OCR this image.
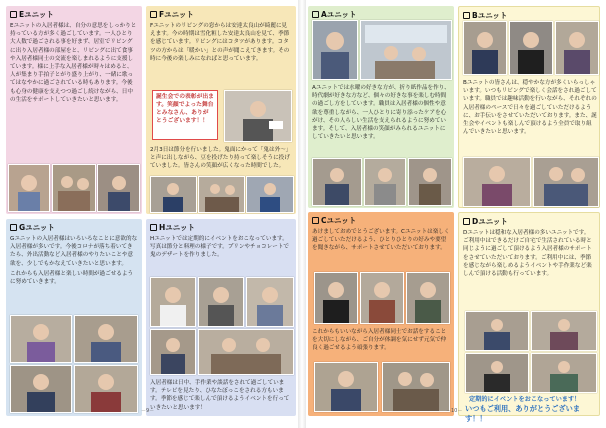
Eユニット
Eユニットの入居者様は、自分の意思をしっかりと持っている方が多く過ごしています。一人ひとり大人数で過ごされる事を好まず、居室でリビングに出り入居者様の部屋をと、リビングに出て食事や入居者様同士の交流を楽しまれるように支援しています。様に上手な入居者様が時々はめると、人が集まり手拍子とがり盛り上がり、一緒に歌ってはなやかに過ごされている時もあります。今後も心身の健康を支えつつ過ごし続けながら、日中の生活をサポートしていきたいと思います。
Fユニット
Fユニットのリビングの窓からは安達太良山が綺麗に見えます。今の時期は雪化粧した安達太良山を見て、季節を感じています。リビングにはコタツがあります。コタツの方からは「暖かい」との声が聞こえてきます。その時に今後の楽しみになればと思っています。
誕生会での表彰が出ます。笑顔でよった舞台とみなさん、ありがとうございます！！
2月3日は節分を行いました。鬼面にかって「鬼は外～」と声に出しながら、豆を投げたり持って楽しそうに投げていました。皆さんの笑顔が広くなった時間でした。
Gユニット
Gユニットの入居者様はいろいろなことに意欲的な入居者様が多いです。今後コロナが落ち着いてきたら、外出活動など入居者様のやりたいことや意欲を、少しでもかなえていきたいと思います。
これからも入居者様と楽しい時間が過ごせるように努めていきます。
Hユニット
Hユニットでは定期的にイベントをおこなっています。写真は節分と料理の様子です。プリンやチョコレートで鬼のデザートを作りました。
入居者様は日中、手作業や談話をされて過ごしています。テレビを見たり、ひなたぼっこをされる方もいます。季節を感じて楽しんで頂けるようイベントを行っていきたいと思います！
－9－
Aユニット
Aユニットでは水曜の好きな方が、折り紙作品を作り、時代劇が好きな方など、個々の好きな事を楽しむ時間の過ごし方をしています。職員は入居者様の個性や意欲を尊重しながら、一人ひとりに寄り添ったケアを心がけ、その人らしい生活を支えられるように努めています。そして、入居者様の笑顔がみられるユニットにしていきたいと思います。
Bユニット
Bユニットの皆さんは、穏やかな方が多くいらっしゃいます。いつもリビングで楽しく会話をされ過ごしています。職員では趣味活動を行いながら、それぞれの入居者様のペースで日々を過ごしていただけるように、お手伝いをさせていただいております。また、誕生会やイベントも楽しんで頂けるよう全員で取り組んでいきたいと思います。
Cユニット
あけましておめでとうございます。Cユニットは楽しく過ごしていただけるよう、ひとりひとりの好みや要望を聞きながら、サポートさせていただいております。
これからもいいながら入居者様同士でお話をすることを大切にしながら、ご自分が体調を気にせず元気で仲良く過ごせるよう頑張ります。
Dユニット
Dユニットは穏和な入居者様の多いユニットです。ご利用中はできるだけご自宅で生活されている時と同じように過ごして頂けるよう入居者様のサポートをさせていただいております。ご利用中には、季節を感じながら楽しめるようイベントや手作業など楽しんで頂ける活動も行っています。
定期的にイベントをおこなっています！
いつもご利用、ありがとうございます！！
－10－
